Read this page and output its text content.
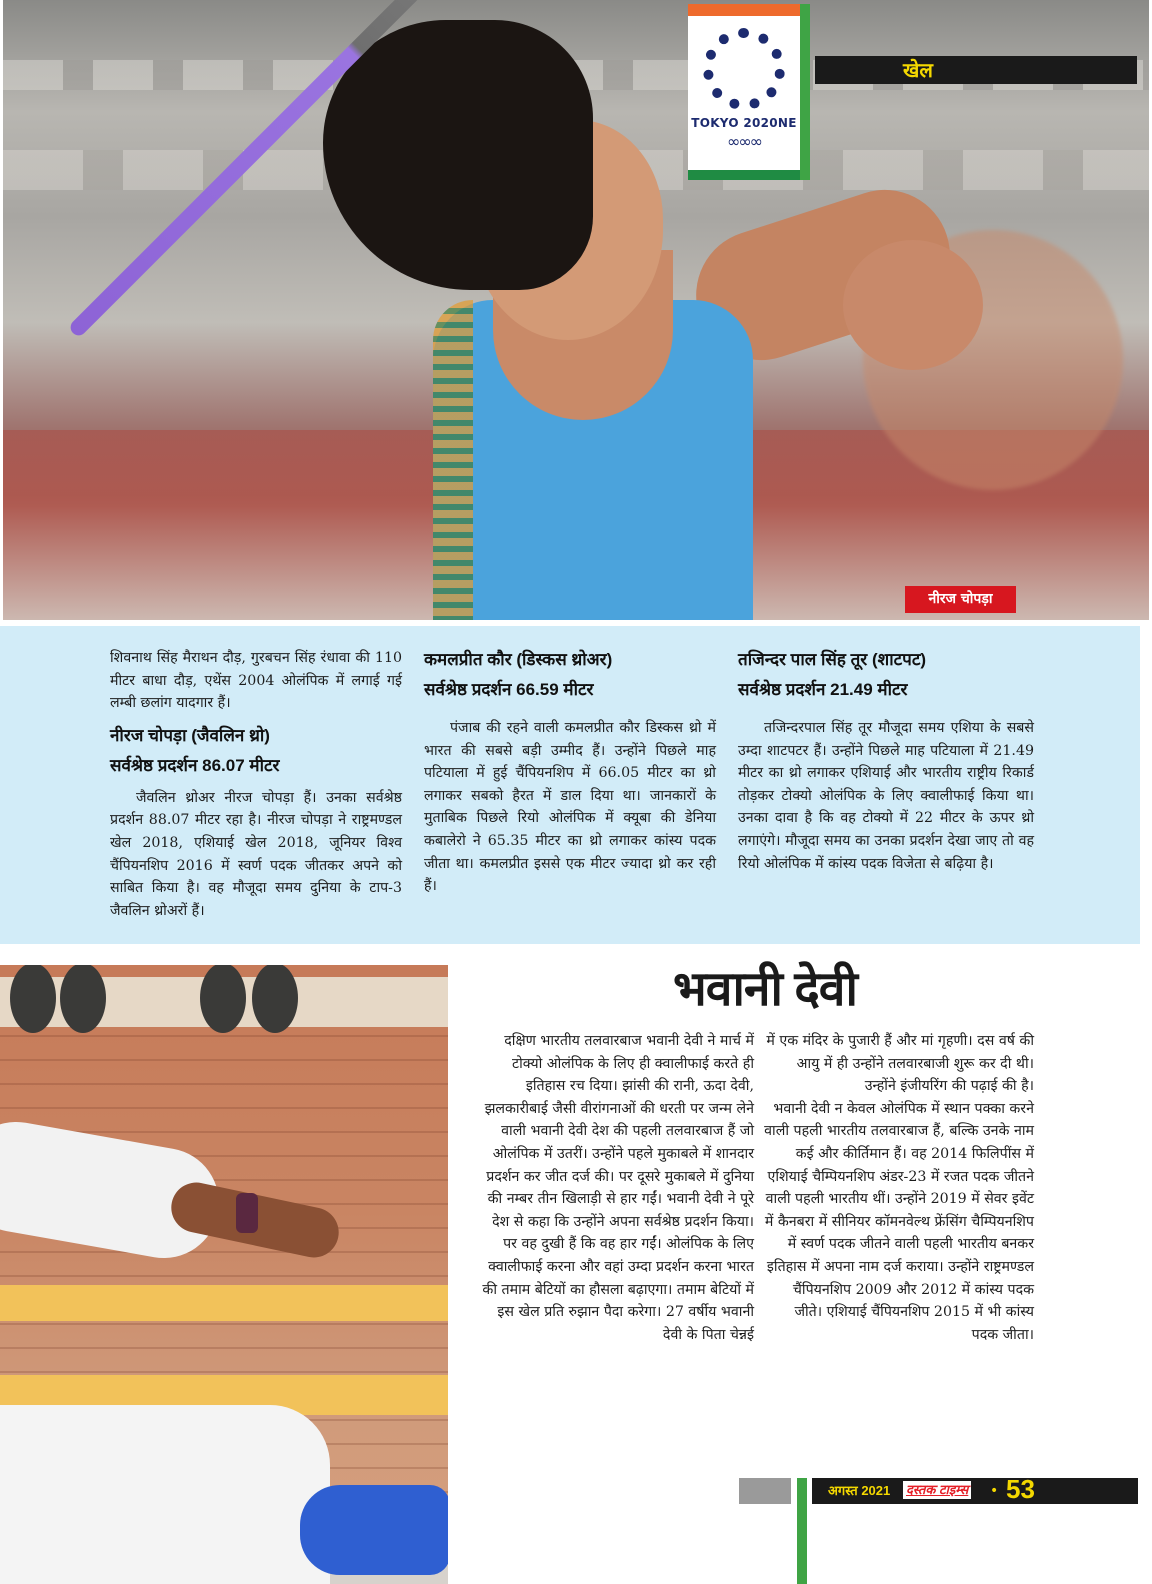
TOKYO 2020NE
∞∞∞
खेल
नीरज चोपड़ा

शिवनाथ सिंह मैराथन दौड़, गुरबचन सिंह रंधावा की 110 मीटर बाधा दौड़, एथेंस 2004 ओलंपिक में लगाई गई लम्बी छलांग यादगार हैं।

नीरज चोपड़ा (जैवलिन थ्रो)

सर्वश्रेष्ठ प्रदर्शन 86.07 मीटर

जैवलिन थ्रोअर नीरज चोपड़ा हैं। उनका सर्वश्रेष्ठ प्रदर्शन 88.07 मीटर रहा है। नीरज चोपड़ा ने राष्ट्रमण्डल खेल 2018, एशियाई खेल 2018, जूनियर विश्व चैंपियनशिप 2016 में स्वर्ण पदक जीतकर अपने को साबित किया है। वह मौजूदा समय दुनिया के टाप-3 जैवलिन थ्रोअरों हैं।

कमलप्रीत कौर (डिस्कस थ्रोअर)

सर्वश्रेष्ठ प्रदर्शन 66.59 मीटर

पंजाब की रहने वाली कमलप्रीत कौर डिस्कस थ्रो में भारत की सबसे बड़ी उम्मीद हैं। उन्होंने पिछले माह पटियाला में हुई चैंपियनशिप में 66.05 मीटर का थ्रो लगाकर सबको हैरत में डाल दिया था। जानकारों के मुताबिक पिछले रियो ओलंपिक में क्यूबा की डेनिया कबालेरो ने 65.35 मीटर का थ्रो लगाकर कांस्य पदक जीता था। कमलप्रीत इससे एक मीटर ज्यादा थ्रो कर रही हैं।

तजिन्दर पाल सिंह तूर (शाटपट)

सर्वश्रेष्ठ प्रदर्शन 21.49 मीटर

तजिन्दरपाल सिंह तूर मौजूदा समय एशिया के सबसे उम्दा शाटपटर हैं। उन्होंने पिछले माह पटियाला में 21.49 मीटर का थ्रो लगाकर एशियाई और भारतीय राष्ट्रीय रिकार्ड तोड़कर टोक्यो ओलंपिक के लिए क्वालीफाई किया था। उनका दावा है कि वह टोक्यो में 22 मीटर के ऊपर थ्रो लगाएंगे। मौजूदा समय का उनका प्रदर्शन देखा जाए तो वह रियो ओलंपिक में कांस्य पदक विजेता से बढ़िया है।

भवानी देवी

दक्षिण भारतीय तलवारबाज भवानी देवी ने मार्च में टोक्यो ओलंपिक के लिए ही क्वालीफाई करते ही इतिहास रच दिया। झांसी की रानी, ऊदा देवी, झलकारीबाई जैसी वीरांगनाओं की धरती पर जन्म लेने वाली भवानी देवी देश की पहली तलवारबाज हैं जो ओलंपिक में उतरीं। उन्होंने पहले मुकाबले में शानदार प्रदर्शन कर जीत दर्ज की। पर दूसरे मुकाबले में दुनिया की नम्बर तीन खिलाड़ी से हार गईं। भवानी देवी ने पूरे देश से कहा कि उन्होंने अपना सर्वश्रेष्ठ प्रदर्शन किया। पर वह दुखी हैं कि वह हार गईं। ओलंपिक के लिए क्वालीफाई करना और वहां उम्दा प्रदर्शन करना भारत की तमाम बेटियों का हौसला बढ़ाएगा। तमाम बेटियों में इस खेल प्रति रुझान पैदा करेगा। 27 वर्षीय भवानी देवी के पिता चेन्नई

में एक मंदिर के पुजारी हैं और मां गृहणी। दस वर्ष की आयु में ही उन्होंने तलवारबाजी शुरू कर दी थी। उन्होंने इंजीयरिंग की पढ़ाई की है।

भवानी देवी न केवल ओलंपिक में स्थान पक्का करने वाली पहली भारतीय तलवारबाज हैं, बल्कि उनके नाम कई और कीर्तिमान हैं। वह 2014 फिलिपींस में एशियाई चैम्पियनशिप अंडर-23 में रजत पदक जीतने वाली पहली भारतीय थीं। उन्होंने 2019 में सेवर इवेंट में कैनबरा में सीनियर कॉमनवेल्थ फ्रेंसिंग चैम्पियनशिप में स्वर्ण पदक जीतने वाली पहली भारतीय बनकर इतिहास में अपना नाम दर्ज कराया। उन्होंने राष्ट्रमण्डल चैंपियनशिप 2009 और 2012 में कांस्य पदक जीते। एशियाई चैंपियनशिप 2015 में भी कांस्य पदक जीता।

अगस्त 2021 दस्तक टाइम्स • 53
